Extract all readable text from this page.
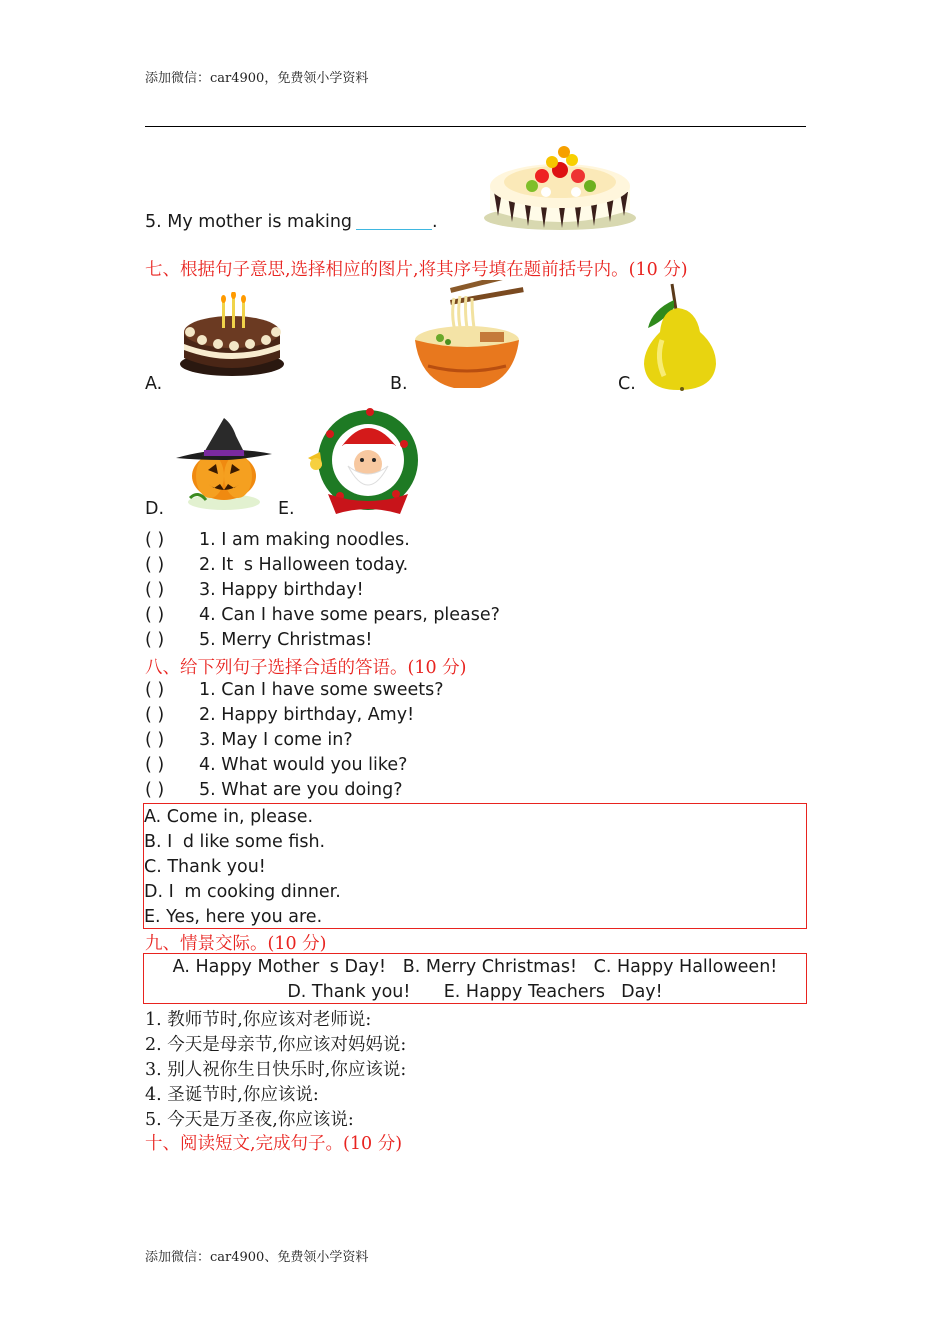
添加微信：car4900，免费领小学资料
5. My mother is making	.
七、根据句子意思,选择相应的图片,将其序号填在题前括号内。(10 分)
A.	B.	C.
D.	E.
( ) 1. I am making noodles.
( ) 2. Its Halloween today.
( ) 3. Happy birthday!
( ) 4. Can I have some pears, please?
( ) 5. Merry Christmas!
八、给下列句子选择合适的答语。(10 分)
( ) 1. Can I have some sweets?
( ) 2. Happy birthday, Amy!
( ) 3. May I come in?
( ) 4. What would you like?
( ) 5. What are you doing?
A. Come in, please.
B. Id like some fish.
C. Thank you!
D. Im cooking dinner.
E. Yes, here you are.
九、情景交际。(10 分)
A. Happy Mothers Day!   B. Merry Christmas!   C. Happy Halloween!
D. Thank you!      E. Happy Teachers Day!
1. 教师节时,你应该对老师说:
2. 今天是母亲节,你应该对妈妈说:
3. 别人祝你生日快乐时,你应该说:
4. 圣诞节时,你应该说:
5. 今天是万圣夜,你应该说:
十、阅读短文,完成句子。(10 分)
添加微信：car4900、免费领小学资料
